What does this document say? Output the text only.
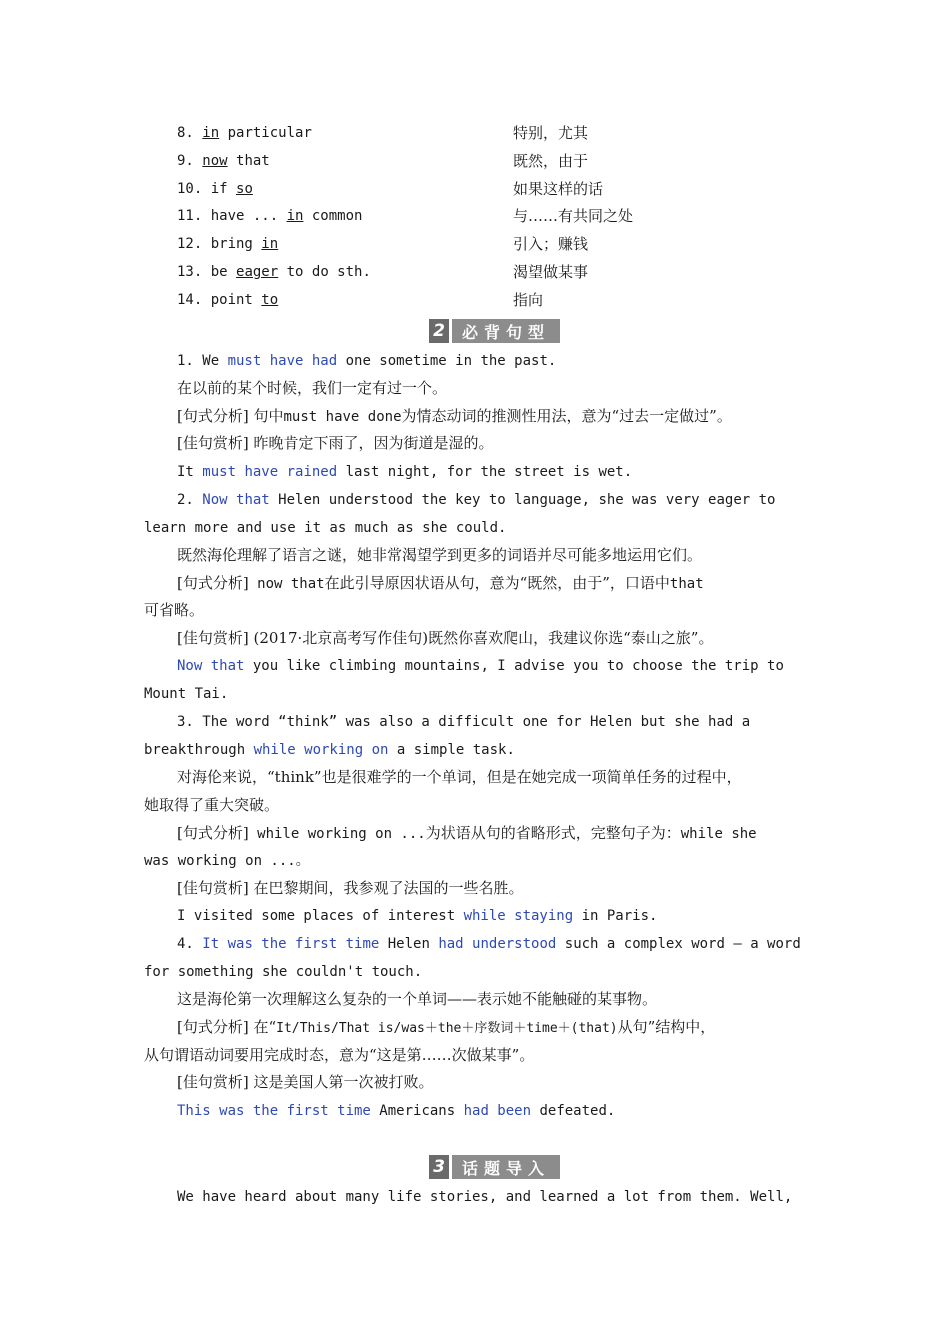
8. in particular	特别，尤其
9. now that	既然，由于
10. if so	如果这样的话
11. have ... in common	与……有共同之处
12. bring in	引入；赚钱
13. be eager to do sth.	渴望做某事
14. point to	指向
2	必背句型
1. We must have had one sometime in the past.
在以前的某个时候，我们一定有过一个。
[句式分析] 句中must have done为情态动词的推测性用法，意为“过去一定做过”。
[佳句赏析] 昨晚肯定下雨了，因为街道是湿的。
It must have rained last night, for the street is wet.
2. Now that Helen understood the key to language, she was very eager to
learn more and use it as much as she could.
既然海伦理解了语言之谜，她非常渴望学到更多的词语并尽可能多地运用它们。
[句式分析] now that在此引导原因状语从句，意为“既然，由于”，口语中that
可省略。
[佳句赏析] (2017·北京高考写作佳句)既然你喜欢爬山，我建议你选“泰山之旅”。
Now that you like climbing mountains, I advise you to choose the trip to
Mount Tai.
3. The word “think” was also a difficult one for Helen but she had a
breakthrough while working on a simple task.
对海伦来说，“think”也是很难学的一个单词，但是在她完成一项简单任务的过程中，
她取得了重大突破。
[句式分析] while working on ...为状语从句的省略形式，完整句子为：while she
was working on ...。
[佳句赏析] 在巴黎期间，我参观了法国的一些名胜。
I visited some places of interest while staying in Paris.
4. It was the first time Helen had understood such a complex word — a word
for something she couldn't touch.
这是海伦第一次理解这么复杂的一个单词——表示她不能触碰的某事物。
[句式分析] 在“It/This/That is/was＋the＋序数词＋time＋(that)从句”结构中，
从句谓语动词要用完成时态，意为“这是第……次做某事”。
[佳句赏析] 这是美国人第一次被打败。
This was the first time Americans had been defeated.
3	话题导入
We have heard about many life stories, and learned a lot from them. Well,
